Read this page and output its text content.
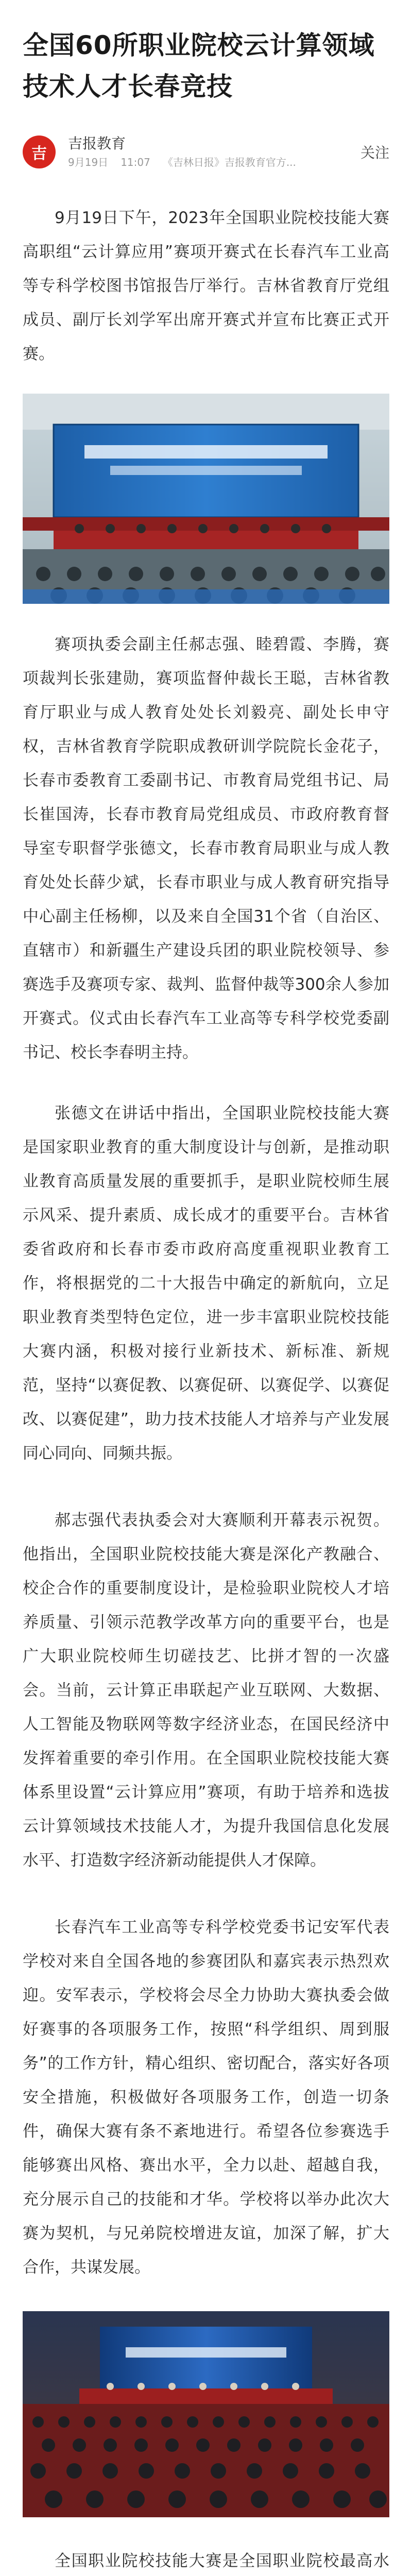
全国60所职业院校云计算领域技术人才长春竞技
吉
吉报教育
9月19日 11:07 《吉林日报》吉报教育官方...
关注

9月19日下午，2023年全国职业院校技能大赛高职组“云计算应用”赛项开赛式在长春汽车工业高等专科学校图书馆报告厅举行。吉林省教育厅党组成员、副厅长刘学军出席开赛式并宣布比赛正式开赛。

赛项执委会副主任郝志强、睦碧霞、李腾，赛项裁判长张建勋，赛项监督仲裁长王聪，吉林省教育厅职业与成人教育处处长刘毅亮、副处长申守权，吉林省教育学院职成教研训学院院长金花子，长春市委教育工委副书记、市教育局党组书记、局长崔国涛，长春市教育局党组成员、市政府教育督导室专职督学张德文，长春市教育局职业与成人教育处处长薛少斌，长春市职业与成人教育研究指导中心副主任杨柳，以及来自全国31个省（自治区、直辖市）和新疆生产建设兵团的职业院校领导、参赛选手及赛项专家、裁判、监督仲裁等300余人参加开赛式。仪式由长春汽车工业高等专科学校党委副书记、校长李春明主持。

张德文在讲话中指出，全国职业院校技能大赛是国家职业教育的重大制度设计与创新，是推动职业教育高质量发展的重要抓手，是职业院校师生展示风采、提升素质、成长成才的重要平台。吉林省委省政府和长春市委市政府高度重视职业教育工作，将根据党的二十大报告中确定的新航向，立足职业教育类型特色定位，进一步丰富职业院校技能大赛内涵，积极对接行业新技术、新标准、新规范，坚持“以赛促教、以赛促研、以赛促学、以赛促改、以赛促建”，助力技术技能人才培养与产业发展同心同向、同频共振。

郝志强代表执委会对大赛顺利开幕表示祝贺。他指出，全国职业院校技能大赛是深化产教融合、校企合作的重要制度设计，是检验职业院校人才培养质量、引领示范教学改革方向的重要平台，也是广大职业院校师生切磋技艺、比拼才智的一次盛会。当前，云计算正串联起产业互联网、大数据、人工智能及物联网等数字经济业态，在国民经济中发挥着重要的牵引作用。在全国职业院校技能大赛体系里设置“云计算应用”赛项，有助于培养和选拔云计算领域技术技能人才，为提升我国信息化发展水平、打造数字经济新动能提供人才保障。

长春汽车工业高等专科学校党委书记安军代表学校对来自全国各地的参赛团队和嘉宾表示热烈欢迎。安军表示，学校将会尽全力协助大赛执委会做好赛事的各项服务工作，按照“科学组织、周到服务”的工作方针，精心组织、密切配合，落实好各项安全措施，积极做好各项服务工作，创造一切条件，确保大赛有条不紊地进行。希望各位参赛选手能够赛出风格、赛出水平，全力以赴、超越自我，充分展示自己的技能和才华。学校将以举办此次大赛为契机，与兄弟院校增进友谊，加深了解，扩大合作，共谋发展。

全国职业院校技能大赛是全国职业院校最高水
